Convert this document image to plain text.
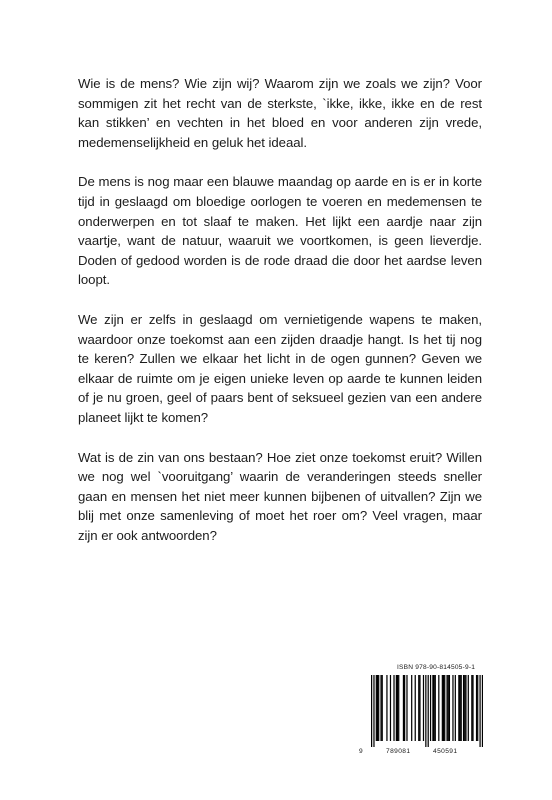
Wie is de mens? Wie zijn wij? Waarom zijn we zoals we zijn? Voor sommigen zit het recht van de sterkste, `ikke, ikke, ikke en de rest kan stikken’ en vechten in het bloed en voor anderen zijn vrede, medemenselijkheid en geluk het ideaal.

De mens is nog maar een blauwe maandag op aarde en is er in korte tijd in geslaagd om bloedige oorlogen te voeren en medemensen te onderwerpen en tot slaaf te maken. Het lijkt een aardje naar zijn vaartje, want de natuur, waaruit we voortkomen, is geen lieverdje. Doden of gedood worden is de rode draad die door het aardse leven loopt.

We zijn er zelfs in geslaagd om vernietigende wapens te maken, waardoor onze toekomst aan een zijden draadje hangt. Is het tij nog te keren? Zullen we elkaar het licht in de ogen gunnen? Geven we elkaar de ruimte om je eigen unieke leven op aarde te kunnen leiden of je nu groen, geel of paars bent of seksueel gezien van een andere planeet lijkt te komen?

Wat is de zin van ons bestaan? Hoe ziet onze toekomst eruit? Willen we nog wel `vooruitgang’ waarin de veranderingen steeds sneller gaan en mensen het niet meer kunnen bijbenen of uitvallen? Zijn we blij met onze samenleving of moet het roer om? Veel vragen, maar zijn er ook antwoorden?

ISBN 978-90-814505-9-1
9	789081	450591
